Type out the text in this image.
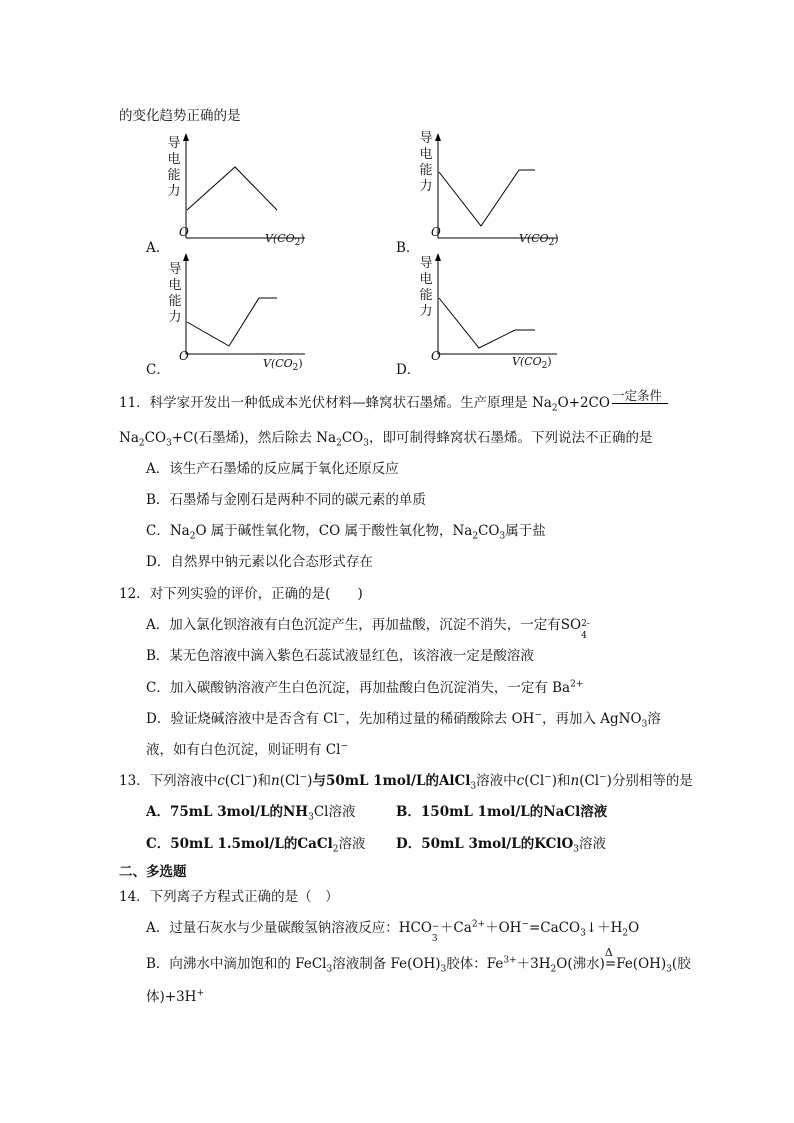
的变化趋势正确的是
导
电
能
力
O	$V(CO_2)$
A．
导
电
能
力
O	$V(CO_2)$
B．
导
电
能
力
O
$V(CO_2)$
C．
导
电
能
力
O	$V(CO_2)$
D．
11．科学家开发出一种低成本光伏材料—蜂窝状石墨烯。生产原理是 $Na_2O+2CO$ 一定条件
$Na_2CO_3+C$(石墨烯)，然后除去 $Na_2CO_3$，即可制得蜂窝状石墨烯。下列说法不正确的是
A．该生产石墨烯的反应属于氧化还原反应
B．石墨烯与金刚石是两种不同的碳元素的单质
C．$Na_2O$ 属于碱性氧化物，CO 属于酸性氧化物，$Na_2CO_3$属于盐
D．自然界中钠元素以化合态形式存在
12．对下列实验的评价，正确的是(　　)
A．加入氯化钡溶液有白色沉淀产生，再加盐酸，沉淀不消失，一定有SO 2-
4
B．某无色溶液中滴入紫色石蕊试液显红色，该溶液一定是酸溶液
C．加入碳酸钠溶液产生白色沉淀，再加盐酸白色沉淀消失，一定有 $Ba^{2+}$
D．验证烧碱溶液中是否含有 Cl−，先加稍过量的稀硝酸除去 OH−，再加入 AgNO$_3$溶
液，如有白色沉淀，则证明有 Cl−
13．下列溶液中c(Cl−)和n(Cl−)与50mL 1mol/L的AlCl$_3$溶液中c(Cl−)和n(Cl−)分别相等的是
A．75mL 3mol/L的$NH_3Cl$溶液	B．150mL 1mol/L的NaCl溶液
C．50mL 1.5mol/L的CaCl$_2$溶液 D．50mL 3mol/L的KClO$_3$溶液
二、多选题
14．下列离子方程式正确的是（　）
A．过量石灰水与少量碳酸氢钠溶液反应：HCO −
3
$+Ca^{2+}+OH^-=CaCO_3↓+H_2O$
B．向沸水中滴加饱和的 FeCl$_3$溶液制备 $Fe(OH)_3$胶体：$Fe^{3+}+3H_2O$(沸水)
Δ
$=Fe(OH)_3$(胶
体)+3H+
